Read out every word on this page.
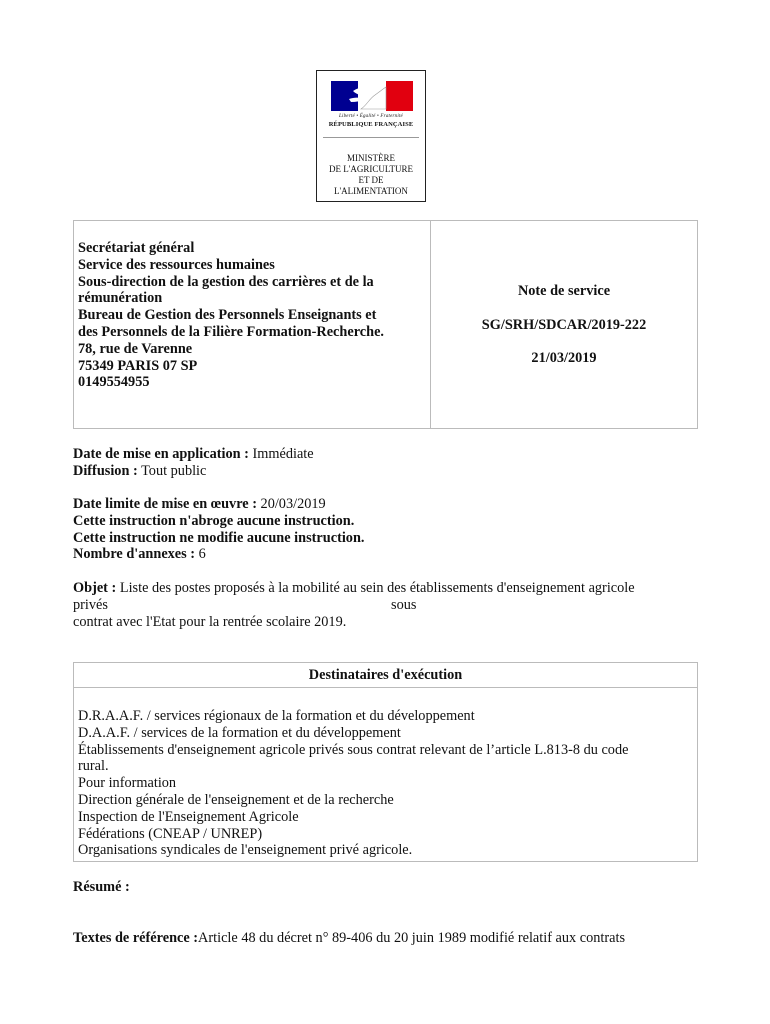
Liberté • Égalité • Fraternité
RÉPUBLIQUE FRANÇAISE
MINISTÈRE
DE L'AGRICULTURE
ET DE
L'ALIMENTATION
Secrétariat général
Service des ressources humaines
Sous-direction de la gestion des carrières et de la
rémunération
Bureau de Gestion des Personnels Enseignants et
des Personnels de la Filière Formation-Recherche.
78, rue de Varenne
75349 PARIS 07 SP
0149554955
Note de service
SG/SRH/SDCAR/2019-222
21/03/2019
Date de mise en application : Immédiate
Diffusion : Tout public
Date limite de mise en œuvre : 20/03/2019
Cette instruction n'abroge aucune instruction.
Cette instruction ne modifie aucune instruction.
Nombre d'annexes : 6
Objet : Liste des postes proposés à la mobilité au sein des établissements d'enseignement agricole
privés	sous
contrat avec l'Etat pour la rentrée scolaire 2019.
Destinataires d'exécution
D.R.A.A.F. / services régionaux de la formation et du développement
D.A.A.F. / services de la formation et du développement
Établissements d'enseignement agricole privés sous contrat relevant de l’article L.813-8 du code
rural.
Pour information
Direction générale de l'enseignement et de la recherche
Inspection de l'Enseignement Agricole
Fédérations (CNEAP / UNREP)
Organisations syndicales de l'enseignement privé agricole.
Résumé :
Textes de référence :Article 48 du décret n° 89-406 du 20 juin 1989 modifié relatif aux contrats
